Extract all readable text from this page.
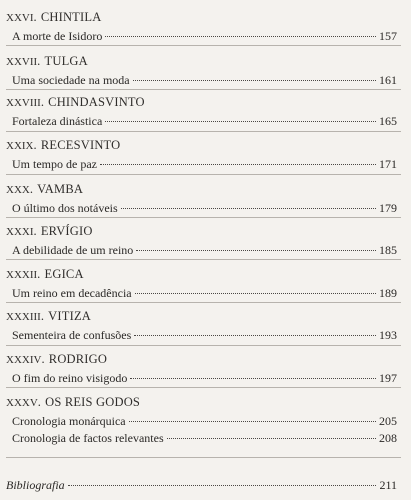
XXVI . CHINTILA
A morte de Isidoro	157
XXVII . TULGA
Uma sociedade na moda	161
XXVIII . CHINDASVINTO
Fortaleza dinástica	165
XXIX . RECESVINTO
Um tempo de paz	171
XXX . VAMBA
O último dos notáveis	179
XXXI . ERVÍGIO
A debilidade de um reino	185
XXXII . EGICA
Um reino em decadência	189
XXXIII . VITIZA
Sementeira de confusões	193
XXXIV . RODRIGO
O fim do reino visigodo	197
XXXV . OS REIS GODOS
Cronologia monárquica	205
Cronologia de factos relevantes	208
Bibliografia	211
